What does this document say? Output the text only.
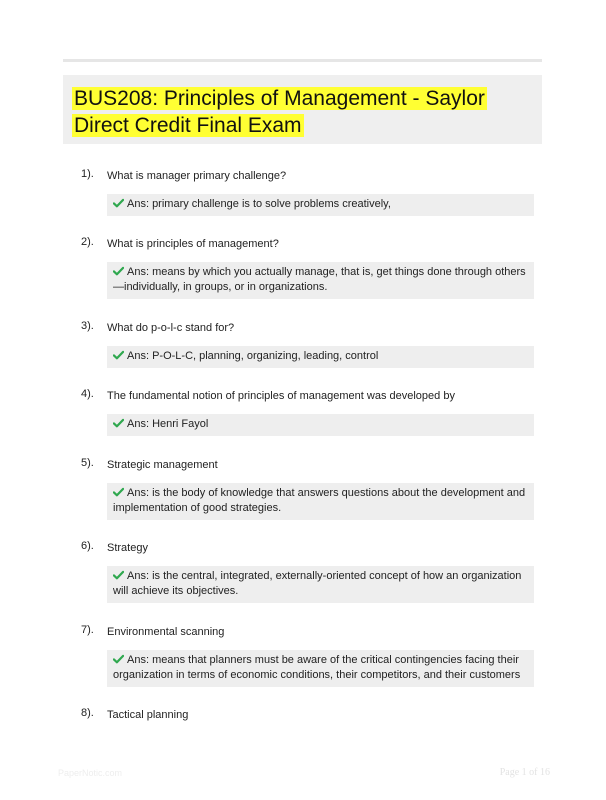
BUS208: Principles of Management - Saylor Direct Credit Final Exam
1). What is manager primary challenge?
Ans: primary challenge is to solve problems creatively,
2). What is principles of management?
Ans: means by which you actually manage, that is, get things done through others—individually, in groups, or in organizations.
3). What do p-o-l-c stand for?
Ans: P-O-L-C, planning, organizing, leading, control
4). The fundamental notion of principles of management was developed by
Ans: Henri Fayol
5). Strategic management
Ans: is the body of knowledge that answers questions about the development and implementation of good strategies.
6). Strategy
Ans: is the central, integrated, externally-oriented concept of how an organization will achieve its objectives.
7). Environmental scanning
Ans: means that planners must be aware of the critical contingencies facing their organization in terms of economic conditions, their competitors, and their customers
8). Tactical planning
PaperNotic.com	Page 1 of 16
